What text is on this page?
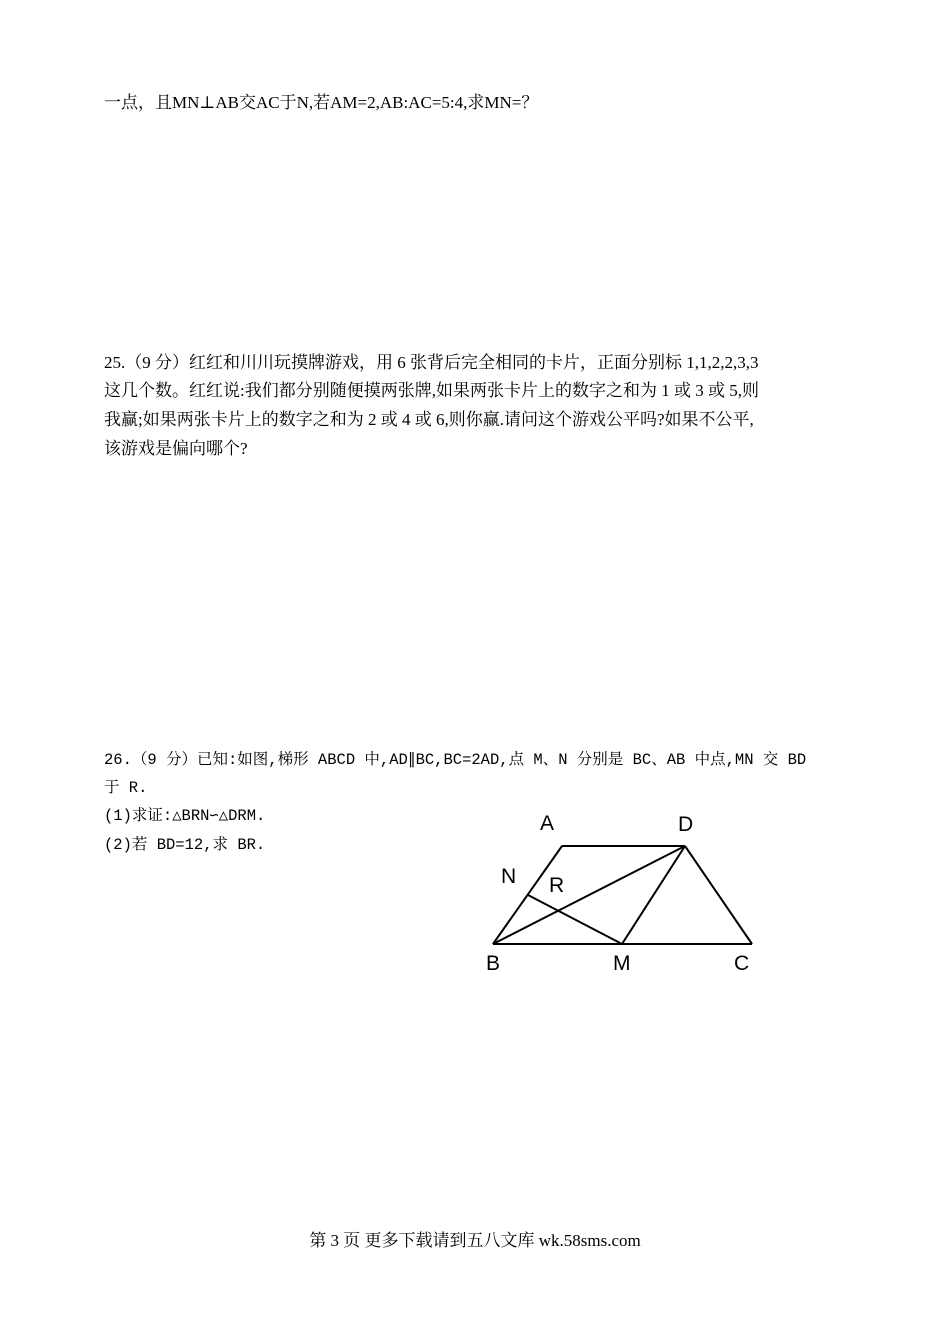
一点，且MN⊥AB交AC于N,若AM=2,AB:AC=5:4,求MN=？
25.（9 分）红红和川川玩摸牌游戏，用 6 张背后完全相同的卡片，正面分别标 1,1,2,2,3,3
这几个数。红红说:我们都分别随便摸两张牌,如果两张卡片上的数字之和为 1 或 3 或 5,则
我赢;如果两张卡片上的数字之和为 2 或 4 或 6,则你赢.请问这个游戏公平吗?如果不公平,
该游戏是偏向哪个?
26.（9 分）已知:如图,梯形 ABCD 中,AD∥BC,BC=2AD,点 M、N 分别是 BC、AB 中点,MN 交 BD
于 R.
(1)求证:△BRN∽△DRM.
(2)若 BD=12,求 BR.
A	D
N R
B	M	C
第 3 页 更多下载请到五八文库 wk.58sms.com
